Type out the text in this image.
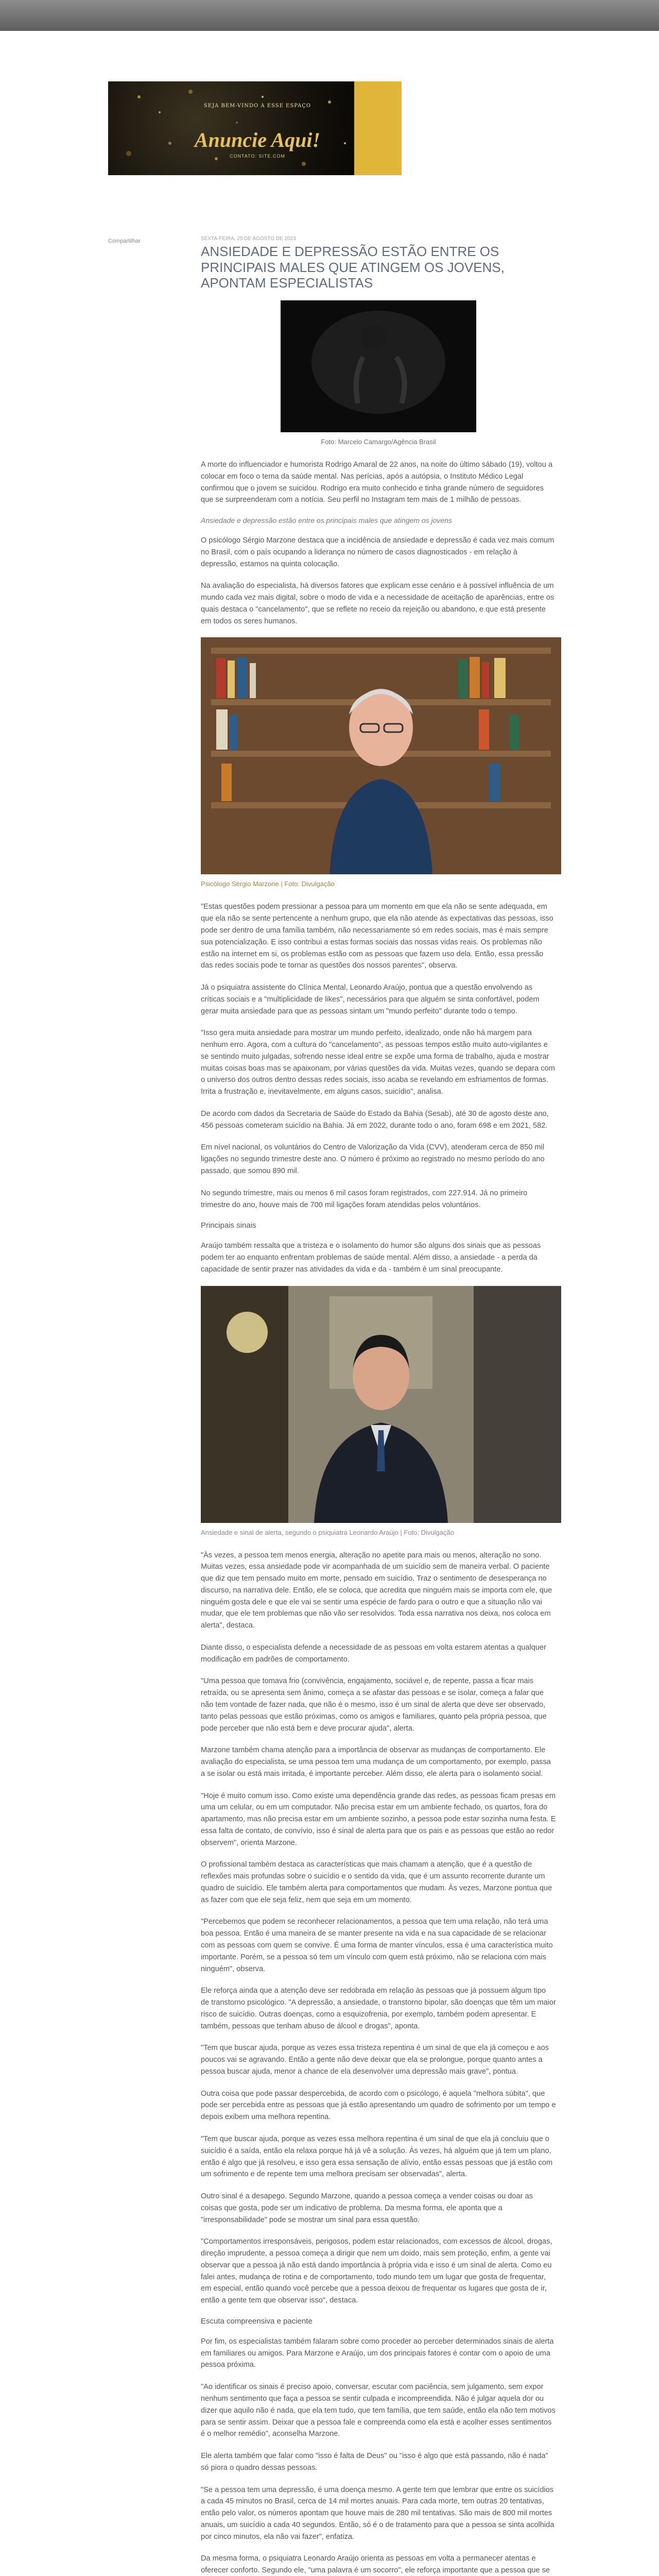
SEJA BEM-VINDO A ESSE ESPAÇO
Anuncie Aqui!
CONTATO: SITE.COM
Compartilhar	SEXTA-FEIRA, 25 DE AGOSTO DE 2023
ANSIEDADE E DEPRESSÃO ESTÃO ENTRE OS PRINCIPAIS MALES QUE ATINGEM OS JOVENS, APONTAM ESPECIALISTAS
Foto: Marcelo Camargo/Agência Brasil

A morte do influenciador e humorista Rodrigo Amaral de 22 anos, na noite do último sábado (19), voltou a colocar em foco o tema da saúde mental. Nas perícias, após a autópsia, o Instituto Médico Legal confirmou que o jovem se suicidou. Rodrigo era muito conhecido e tinha grande número de seguidores que se surpreenderam com a notícia. Seu perfil no Instagram tem mais de 1 milhão de pessoas.

Ansiedade e depressão estão entre os principais males que atingem os jovens

O psicólogo Sérgio Marzone destaca que a incidência de ansiedade e depressão é cada vez mais comum no Brasil, com o país ocupando a liderança no número de casos diagnosticados - em relação à depressão, estamos na quinta colocação.

Na avaliação do especialista, há diversos fatores que explicam esse cenário e à possível influência de um mundo cada vez mais digital, sobre o modo de vida e a necessidade de aceitação de aparências, entre os quais destaca o "cancelamento", que se reflete no receio da rejeição ou abandono, e que está presente em todos os seres humanos.

Psicólogo Sérgio Marzone | Foto: Divulgação

"Estas questões podem pressionar a pessoa para um momento em que ela não se sente adequada, em que ela não se sente pertencente a nenhum grupo, que ela não atende às expectativas das pessoas, isso pode ser dentro de uma família também, não necessariamente só em redes sociais, mas é mais sempre sua potencialização. E isso contribui a estas formas sociais das nossas vidas reais. Os problemas não estão na internet em si, os problemas estão com as pessoas que fazem uso dela. Então, essa pressão das redes sociais pode te tornar as questões dos nossos parentes", observa.

Já o psiquiatra assistente do Clínica Mental, Leonardo Araújo, pontua que a questão envolvendo as críticas sociais e a "multiplicidade de likes", necessários para que alguém se sinta confortável, podem gerar muita ansiedade para que as pessoas sintam um "mundo perfeito" durante todo o tempo.

"Isso gera muita ansiedade para mostrar um mundo perfeito, idealizado, onde não há margem para nenhum erro. Agora, com a cultura do "cancelamento", as pessoas tempos estão muito auto-vigilantes e se sentindo muito julgadas, sofrendo nesse ideal entre se expõe uma forma de trabalho, ajuda e mostrar muitas coisas boas mas se apaixonam, por várias questões da vida. Muitas vezes, quando se depara com o universo dos outros dentro dessas redes sociais, isso acaba se revelando em esfriamentos de formas. Irrita a frustração e, inevitavelmente, em alguns casos, suicídio", analisa.

De acordo com dados da Secretaria de Saúde do Estado da Bahia (Sesab), até 30 de agosto deste ano, 456 pessoas cometeram suicídio na Bahia. Já em 2022, durante todo o ano, foram 698 e em 2021, 582.

Em nível nacional, os voluntários do Centro de Valorização da Vida (CVV), atenderam cerca de 850 mil ligações no segundo trimestre deste ano. O número é próximo ao registrado no mesmo período do ano passado, que somou 890 mil.

No segundo trimestre, mais ou menos 6 mil casos foram registrados, com 227.914. Já no primeiro trimestre do ano, houve mais de 700 mil ligações foram atendidas pelos voluntários.

Principais sinais

Araújo também ressalta que a tristeza e o isolamento do humor são alguns dos sinais que as pessoas podem ter ao enquanto enfrentam problemas de saúde mental. Além disso, a ansiedade - a perda da capacidade de sentir prazer nas atividades da vida e da - também é um sinal preocupante.

Ansiedade e sinal de alerta, segundo o psiquiatra Leonardo Araújo | Foto: Divulgação

"Às vezes, a pessoa tem menos energia, alteração no apetite para mais ou menos, alteração no sono. Muitas vezes, essa ansiedade pode vir acompanhada de um suicídio sem de maneira verbal. O paciente que diz que tem pensado muito em morte, pensado em suicídio. Traz o sentimento de desesperança no discurso, na narrativa dele. Então, ele se coloca, que acredita que ninguém mais se importa com ele, que ninguém gosta dele e que ele vai se sentir uma espécie de fardo para o outro e que a situação não vai mudar, que ele tem problemas que não vão ser resolvidos. Toda essa narrativa nos deixa, nos coloca em alerta", destaca.

Diante disso, o especialista defende a necessidade de as pessoas em volta estarem atentas a qualquer modificação em padrões de comportamento.

"Uma pessoa que tomava frio (convivência, engajamento, sociável e, de repente, passa a ficar mais retraída, ou se apresenta sem ânimo, começa a se afastar das pessoas e se isolar, começa a falar que não tem vontade de fazer nada, que não é o mesmo, isso é um sinal de alerta que deve ser observado, tanto pelas pessoas que estão próximas, como os amigos e familiares, quanto pela própria pessoa, que pode perceber que não está bem e deve procurar ajuda", alerta.

Marzone também chama atenção para a importância de observar as mudanças de comportamento. Ele avaliação do especialista, se uma pessoa tem uma mudança de um comportamento, por exemplo, passa a se isolar ou está mais irritada, é importante perceber. Além disso, ele alerta para o isolamento social.

"Hoje é muito comum isso. Como existe uma dependência grande das redes, as pessoas ficam presas em uma um celular, ou em um computador. Não precisa estar em um ambiente fechado, os quartos, fora do apartamento, mas não precisa estar em um ambiente sozinho, a pessoa pode estar sozinha numa festa. E essa falta de contato, de convívio, isso é sinal de alerta para que os pais e as pessoas que estão ao redor observem", orienta Marzone.

O profissional também destaca as características que mais chamam a atenção, que é a questão de reflexões mais profundas sobre o suicídio e o sentido da vida, que é um assunto recorrente durante um quadro de suicídio. Ele também alerta para comportamentos que mudam. Às vezes, Marzone pontua que as fazer com que ele seja feliz, nem que seja em um momento.

"Percebemos que podem se reconhecer relacionamentos, a pessoa que tem uma relação, não terá uma boa pessoa. Então é uma maneira de se manter presente na vida e na sua capacidade de se relacionar com as pessoas com quem se convive. É uma forma de manter vínculos, essa é uma característica muito importante. Porém, se a pessoa só tem um vínculo com quem está próximo, não se relaciona com mais ninguém", observa.

Ele reforça ainda que a atenção deve ser redobrada em relação às pessoas que já possuem algum tipo de transtorno psicológico. "A depressão, a ansiedade, o transtorno bipolar, são doenças que têm um maior risco de suicídio. Outras doenças, como a esquizofrenia, por exemplo, também podem apresentar. E também, pessoas que tenham abuso de álcool e drogas", aponta.

"Tem que buscar ajuda, porque as vezes essa tristeza repentina é um sinal de que ela já começou e aos poucos vai se agravando. Então a gente não deve deixar que ela se prolongue, porque quanto antes a pessoa buscar ajuda, menor a chance de ela desenvolver uma depressão mais grave", pontua.

Outra coisa que pode passar despercebida, de acordo com o psicólogo, é aquela "melhora súbita", que pode ser percebida entre as pessoas que já estão apresentando um quadro de sofrimento por um tempo e depois exibem uma melhora repentina.

"Tem que buscar ajuda, porque as vezes essa melhora repentina é um sinal de que ela já concluiu que o suicídio é a saída, então ela relaxa porque há já vê a solução. Às vezes, há alguém que já tem um plano, então é algo que já resolveu, e isso gera essa sensação de alívio, então essas pessoas que já estão com um sofrimento e de repente tem uma melhora precisam ser observadas", alerta.

Outro sinal é a desapego. Segundo Marzone, quando a pessoa começa a vender coisas ou doar as coisas que gosta, pode ser um indicativo de problema. Da mesma forma, ele aponta que a "irresponsabilidade" pode se mostrar um sinal para essa questão.

"Comportamentos irresponsáveis, perigosos, podem estar relacionados, com excessos de álcool, drogas, direção imprudente, a pessoa começa a dirigir que nem um doido, mais sem proteção, enfim, a gente vai observar que a pessoa já não está dando importância à própria vida e isso é um sinal de alerta. Como eu falei antes, mudança de rotina e de comportamento, todo mundo tem um lugar que gosta de frequentar, em especial, então quando você percebe que a pessoa deixou de frequentar os lugares que gosta de ir, então a gente tem que observar isso", destaca.

Escuta compreensiva e paciente

Por fim, os especialistas também falaram sobre como proceder ao perceber determinados sinais de alerta em familiares ou amigos. Para Marzone e Araújo, um dos principais fatores é contar com o apoio de uma pessoa próxima.

"Ao identificar os sinais é preciso apoio, conversar, escutar com paciência, sem julgamento, sem expor nenhum sentimento que faça a pessoa se sentir culpada e incompreendida. Não é julgar aquela dor ou dizer que aquilo não é nada, que ela tem tudo, que tem família, que tem saúde, então ela não tem motivos para se sentir assim. Deixar que a pessoa fale e compreenda como ela está e acolher esses sentimentos é o melhor remédio", aconselha Marzone.

Ele alerta também que falar como "isso é falta de Deus" ou "isso é algo que está passando, não é nada" só piora o quadro dessas pessoas.

"Se a pessoa tem uma depressão, é uma doença mesmo. A gente tem que lembrar que entre os suicídios a cada 45 minutos no Brasil, cerca de 14 mil mortes anuais. Para cada morte, tem outras 20 tentativas, então pelo valor, os números apontam que houve mais de 280 mil tentativas. São mais de 800 mil mortes anuais, um suicídio a cada 40 segundos. Então, só é o de tratamento para que a pessoa se sinta acolhida por cinco minutos, ela não vai fazer", enfatiza.

Da mesma forma, o psiquiatra Leonardo Araújo orienta as pessoas em volta a permanecer atentas e oferecer conforto. Segundo ele, "uma palavra é um socorro", ele reforça importante que a pessoa que se
